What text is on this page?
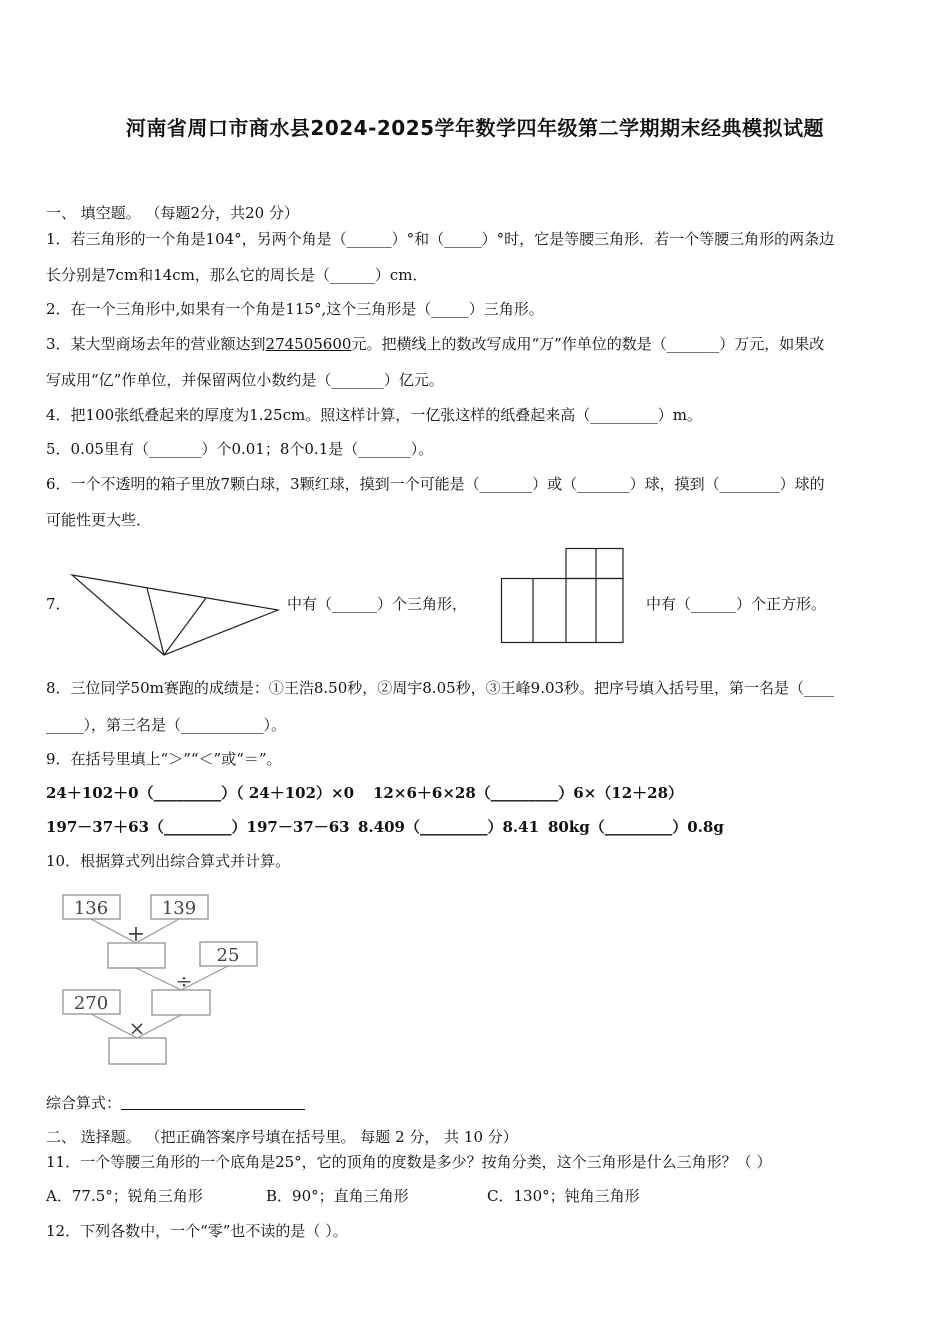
河南省周口市商水县2024-2025学年数学四年级第二学期期末经典模拟试题
一、 填空题。 （每题2分，共20 分）
1．若三角形的一个角是104°，另两个角是（______）°和（_____）°时，它是等腰三角形．若一个等腰三角形的两条边
长分别是7cm和14cm，那么它的周长是（______）cm．
2．在一个三角形中,如果有一个角是115°,这个三角形是（_____）三角形。
3．某大型商场去年的营业额达到274505600元。把横线上的数改写成用“万”作单位的数是（_______）万元，如果改
写成用“亿”作单位，并保留两位小数约是（_______）亿元。
4．把100张纸叠起来的厚度为1.25cm。照这样计算，一亿张这样的纸叠起来高（_________）m。
5．0.05里有（_______）个0.01；8个0.1是（_______）。
6．一个不透明的箱子里放7颗白球，3颗红球，摸到一个可能是（_______）或（_______）球，摸到（________）球的
可能性更大些．
7．	中有（______）个三角形，	中有（______）个正方形。
8．三位同学50m赛跑的成绩是：①王浩8.50秒，②周宇8.05秒，③王峰9.03秒。把序号填入括号里，第一名是（____
_____），第三名是（___________）。
9．在括号里填上“＞”“＜”或“＝”。
24＋102＋0（_________）（ 24＋102）×0 12×6＋6×28（_________）6×（12＋28）
197－37＋63（_________）197－37－63 8.409（_________）8.41 80kg（_________）0.8g
10．根据算式列出综合算式并计算。
136	139
25
270
+
÷
×
综合算式：
二、 选择题。 （把正确答案序号填在括号里。 每题 2 分， 共 10 分）
11．一个等腰三角形的一个底角是25°，它的顶角的度数是多少？按角分类，这个三角形是什么三角形？（ ）
A．77.5°；锐角三角形	B．90°；直角三角形	C．130°；钝角三角形
12．下列各数中，一个“零”也不读的是（ ）。
